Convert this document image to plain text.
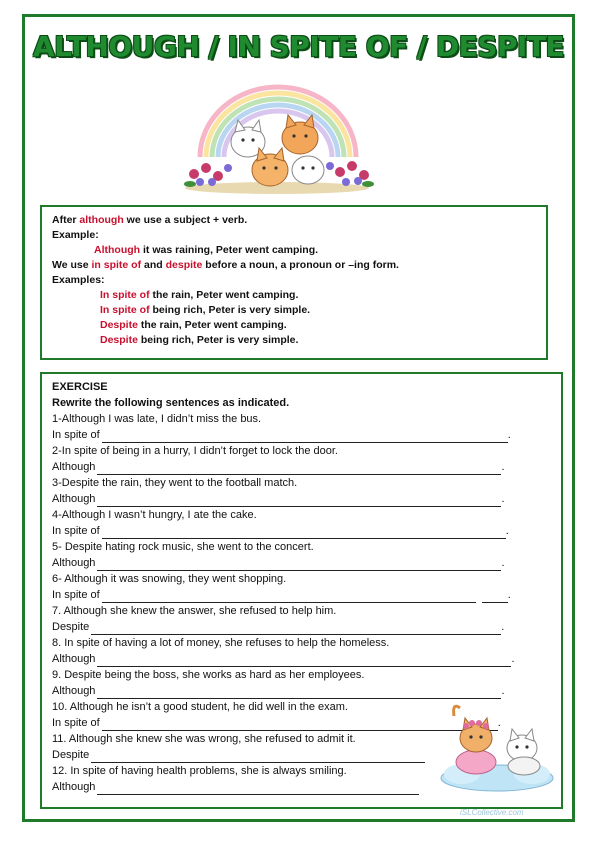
ALTHOUGH / IN SPITE OF / DESPITE
After although we use a subject + verb.
Example:
Although it was raining, Peter went camping.
We use in spite of and despite before a noun, a pronoun or –ing form.
Examples:
In spite of the rain, Peter went camping.
In spite of being rich, Peter is very simple.
Despite the rain, Peter went camping.
Despite being rich, Peter is very simple.
EXERCISE
Rewrite the following sentences as indicated.
1-Although I was late, I didn’t miss the bus.
In spite of	.
2-In spite of being in a hurry, I didn’t forget to lock the door.
Although	.
3-Despite the rain, they went to the football match.
Although	.
4-Although I wasn’t hungry, I ate the cake.
In spite of	.
5- Despite hating rock music, she went to the concert.
Although	.
6- Although it was snowing, they went shopping.
In spite of	.
7. Although she knew the answer, she refused to help him.
Despite	.
8. In spite of having a lot of money, she refuses to help the homeless.
Although	.
9. Despite being the boss, she works as hard as her employees.
Although	.
10. Although he isn’t a good student, he did well in the exam.
In spite of	.
11. Although she knew she was wrong, she refused to admit it.
Despite
12. In spite of having health problems, she is always smiling.
Although
iSLCollective.com
